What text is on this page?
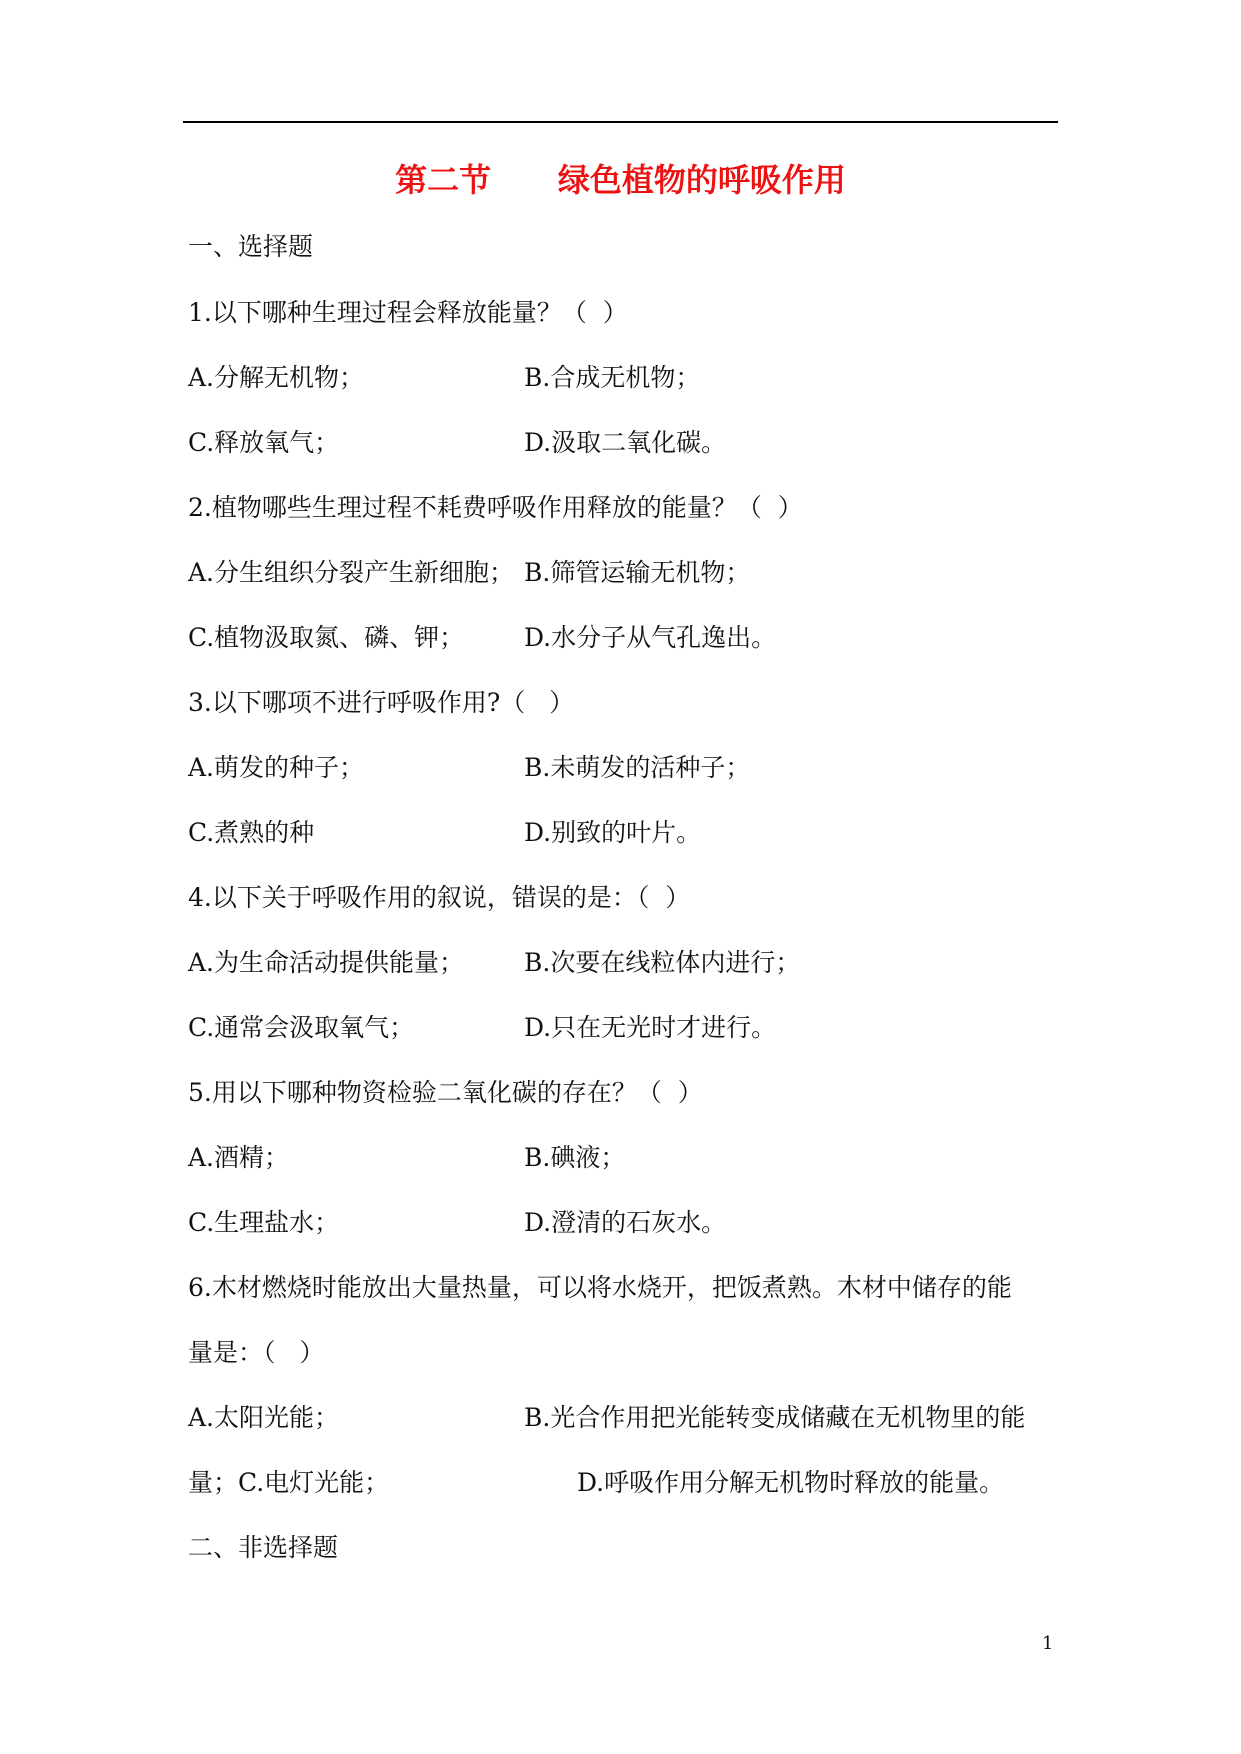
第二节      绿色植物的呼吸作用
一、选择题
1.以下哪种生理过程会释放能量？（  ）
A.分解无机物；	B.合成无机物；
C.释放氧气；	D.汲取二氧化碳。
2.植物哪些生理过程不耗费呼吸作用释放的能量？（  ）
A.分生组织分裂产生新细胞； B.筛管运输无机物；
C.植物汲取氮、磷、钾； D.水分子从气孔逸出。
3.以下哪项不进行呼吸作用?（   ）
A.萌发的种子；	B.未萌发的活种子；
C.煮熟的种	D.别致的叶片。
4.以下关于呼吸作用的叙说，错误的是：（  ）
A.为生命活动提供能量； B.次要在线粒体内进行；
C.通常会汲取氧气；	D.只在无光时才进行。
5.用以下哪种物资检验二氧化碳的存在？（  ）
A.酒精；	B.碘液；
C.生理盐水；	D.澄清的石灰水。
6.木材燃烧时能放出大量热量，可以将水烧开，把饭煮熟。木材中储存的能
量是：（   ）
A.太阳光能；	B.光合作用把光能转变成储藏在无机物里的能
量；C.电灯光能；	D.呼吸作用分解无机物时释放的能量。
二、非选择题
1
